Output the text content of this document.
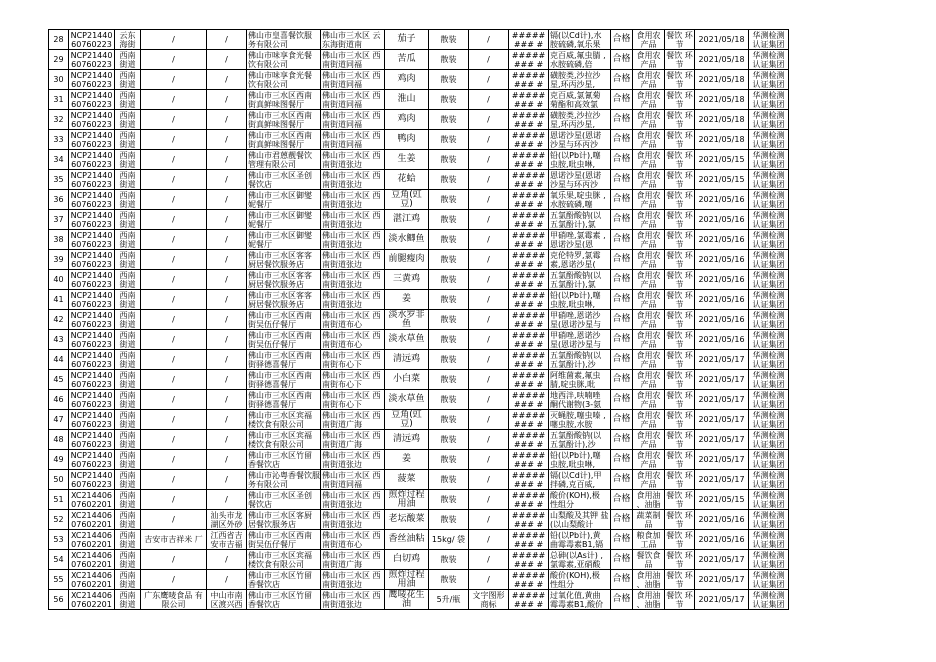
28	NCP21440 60760223	云东 海街	/	/	佛山市皇喜餐饮服 务有限公司	佛山市三水区 云东海街道南	茄子	散装	/	######## #	镉(以Cd计),水 胺硫磷,氧乐果	合格	食用农 产品	餐饮 环节	2021/05/18	华测检测 认证集团
29	NCP21440 60760223	西南 街道	/	/	佛山市味享食光餐 饮有限公司	佛山市三水区 西南街道同福	苦瓜	散装	/	######## #	克百威,氟虫腈 ,水胺硫磷,倍	合格	食用农 产品	餐饮 环节	2021/05/18	华测检测 认证集团
30	NCP21440 60760223	西南 街道	/	/	佛山市味享食光餐 饮有限公司	佛山市三水区 西南街道同福	鸡肉	散装	/	######## #	磺胺类,沙拉沙 星,环丙沙星,	合格	食用农 产品	餐饮 环节	2021/05/18	华测检测 认证集团
31	NCP21440 60760223	西南 街道	/	/	佛山市三水区西南 街真鲜味图餐厅	佛山市三水区 西南街道同福	淮山	散装	/	######## #	克百威,氯氰菊 菊酯和高效氯	合格	食用农 产品	餐饮 环节	2021/05/18	华测检测 认证集团
32	NCP21440 60760223	西南 街道	/	/	佛山市三水区西南 街真鲜味图餐厅	佛山市三水区 西南街道同福	鸡肉	散装	/	######## #	磺胺类,沙拉沙 星,环丙沙星,	合格	食用农 产品	餐饮 环节	2021/05/18	华测检测 认证集团
33	NCP21440 60760223	西南 街道	/	/	佛山市三水区西南 街真鲜味图餐厅	佛山市三水区 西南街道同福	鸭肉	散装	/	######## #	恩诺沙星(恩诺 沙星与环丙沙	合格	食用农 产品	餐饮 环节	2021/05/18	华测检测 认证集团
34	NCP21440 60760223	西南 街道	/	/	佛山市君蒽靓餐饮 管理有限公司	佛山市三水区 西南街道张边	生姜	散装	/	######## #	铅(以Pb计),噻 虫胺,吡虫啉,	合格	食用农 产品	餐饮 环节	2021/05/15	华测检测 认证集团
35	NCP21440 60760223	西南 街道	/	/	佛山市三水区圣创 餐饮店	佛山市三水区 西南街道张边	花蛤	散装	/	######## #	恩诺沙星(恩诺 沙星与环丙沙	合格	食用农 产品	餐饮 环节	2021/05/15	华测检测 认证集团
36	NCP21440 60760223	西南 街道	/	/	佛山市三水区御燮 妮餐厅	佛山市三水区 西南街道张边	豆角(豇 豆)	散装	/	######## #	氧乐果,啶虫脒 ,水胺硫磷,噻	合格	食用农 产品	餐饮 环节	2021/05/16	华测检测 认证集团
37	NCP21440 60760223	西南 街道	/	/	佛山市三水区御燮 妮餐厅	佛山市三水区 西南街道张边	湛江鸡	散装	/	######## #	五氯酚酸钠(以 五氯酚计),氯	合格	食用农 产品	餐饮 环节	2021/05/16	华测检测 认证集团
38	NCP21440 60760223	西南 街道	/	/	佛山市三水区御燮 妮餐厅	佛山市三水区 西南街道张边	淡水鲫鱼	散装	/	######## #	甲硝唑,氯霉素 ,恩诺沙星(恩	合格	食用农 产品	餐饮 环节	2021/05/16	华测检测 认证集团
39	NCP21440 60760223	西南 街道	/	/	佛山市三水区客客 厨居餐饮服务店	佛山市三水区 西南街道张边	前腿瘦肉	散装	/	######## #	克伦特罗,氯霉 素,恩诺沙星(	合格	食用农 产品	餐饮 环节	2021/05/16	华测检测 认证集团
40	NCP21440 60760223	西南 街道	/	/	佛山市三水区客客 厨居餐饮服务店	佛山市三水区 西南街道张边	三黄鸡	散装	/	######## #	五氯酚酸钠(以 五氯酚计),氯	合格	食用农 产品	餐饮 环节	2021/05/16	华测检测 认证集团
41	NCP21440 60760223	西南 街道	/	/	佛山市三水区客客 厨居餐饮服务店	佛山市三水区 西南街道张边	姜	散装	/	######## #	铅(以Pb计),噻 虫胺,吡虫啉,	合格	食用农 产品	餐饮 环节	2021/05/16	华测检测 认证集团
42	NCP21440 60760223	西南 街道	/	/	佛山市三水区西南 街吴伍仔餐厅	佛山市三水区 西南街道布心	淡水罗非 鱼	散装	/	######## #	甲硝唑,恩诺沙 星(恩诺沙星与	合格	食用农 产品	餐饮 环节	2021/05/16	华测检测 认证集团
43	NCP21440 60760223	西南 街道	/	/	佛山市三水区西南 街吴伍仔餐厅	佛山市三水区 西南街道布心	淡水草鱼	散装	/	######## #	甲硝唑,恩诺沙 星(恩诺沙星与	合格	食用农 产品	餐饮 环节	2021/05/16	华测检测 认证集团
44	NCP21440 60760223	西南 街道	/	/	佛山市三水区西南 街驿德喜餐厅	佛山市三水区 西南街布心下	清远鸡	散装	/	######## #	五氯酚酸钠(以 五氯酚计),沙	合格	食用农 产品	餐饮 环节	2021/05/17	华测检测 认证集团
45	NCP21440 60760223	西南 街道	/	/	佛山市三水区西南 街驿德喜餐厅	佛山市三水区 西南街布心下	小白菜	散装	/	######## #	阿维菌素,氟虫 腈,啶虫脒,吡	合格	食用农 产品	餐饮 环节	2021/05/17	华测检测 认证集团
46	NCP21440 60760223	西南 街道	/	/	佛山市三水区西南 街驿德喜餐厅	佛山市三水区 西南街布心下	淡水草鱼	散装	/	######## #	地西泮,呋喃唑 酮代谢物(3-氨	合格	食用农 产品	餐饮 环节	2021/05/17	华测检测 认证集团
47	NCP21440 60760223	西南 街道	/	/	佛山市三水区宾福 楼饮食有限公司	佛山市三水区 西南街道广海	豆角(豇 豆)	散装	/	######## #	灭蝇胺,噻虫嗪 ,噻虫胺,水胺	合格	食用农 产品	餐饮 环节	2021/05/17	华测检测 认证集团
48	NCP21440 60760223	西南 街道	/	/	佛山市三水区宾福 楼饮食有限公司	佛山市三水区 西南街道广海	清远鸡	散装	/	######## #	五氯酚酸钠(以 五氯酚计),沙	合格	食用农 产品	餐饮 环节	2021/05/17	华测检测 认证集团
49	NCP21440 60760223	西南 街道	/	/	佛山市三水区竹留 香餐饮店	佛山市三水区 西南街道张边	姜	散装	/	######## #	铅(以Pb计),噻 虫胺,吡虫啉,	合格	食用农 产品	餐饮 环节	2021/05/17	华测检测 认证集团
50	NCP21440 60760223	西南 街道	/	/	佛山市沁粤香餐饮服 务有限公司	佛山市三水区 西南街道同福	菠菜	散装	/	######## #	镉(以Cd计),甲 拌磷,克百威,	合格	食用农 产品	餐饮 环节	2021/05/17	华测检测 认证集团
51	XC214406 07602201	西南 街道	/	/	佛山市三水区圣创 餐饮店	佛山市三水区 西南街道张边	煎炸过程 用油	散装	/	######## #	酸价(KOH),极 性组分	合格	食用油 、油脂	餐饮 环节	2021/05/15	华测检测 认证集团
52	XC214406 07602201	西南 街道	/	汕头市龙 湖区外砂	佛山市三水区客厨 居餐饮服务店	佛山市三水区 西南街道张边	老坛酸菜	散装	/	######## #	山梨酸及其钾 盐(以山梨酸计	合格	蔬菜制 品	餐饮 环节	2021/05/16	华测检测 认证集团
53	XC214406 07602201	西南 街道	吉安市吉祥米 厂	江西省吉 安市吉福	佛山市三水区西南 街吴伍仔餐厅	佛山市三水区 西南街道布心	香丝油粘	15kg/ 袋	/	######## #	铅(以Pb计),黄 曲霉毒素B1,镉	合格	粮食加 工品	餐饮 环节	2021/05/16	华测检测 认证集团
54	XC214406 07602201	西南 街道	/	/	佛山市三水区宾福 楼饮食有限公司	佛山市三水区 西南街道广海	白切鸡	散装	/	######## #	总砷(以As计) ,氯霉素,亚硝酸	合格	餐饮食 品	餐饮 环节	2021/05/17	华测检测 认证集团
55	XC214406 07602201	西南 街道	/	/	佛山市三水区竹留 香餐饮店	佛山市三水区 西南街道张边	煎炸过程 用油	散装	/	######## #	酸价(KOH),极 性组分	合格	食用油 、油脂	餐饮 环节	2021/05/17	华测检测 认证集团
56	XC214406 07602201	西南 街道	广东鹰唛食品 有限公司	中山市南 区渡兴西	佛山市三水区竹留 香餐饮店	佛山市三水区 西南街道张边	鹰唛花生 油	5升/瓶	文字图形 商标	######## #	过氧化值,黄曲 霉毒素B1,酸价	合格	食用油 、油脂	餐饮 环节	2021/05/17	华测检测 认证集团
